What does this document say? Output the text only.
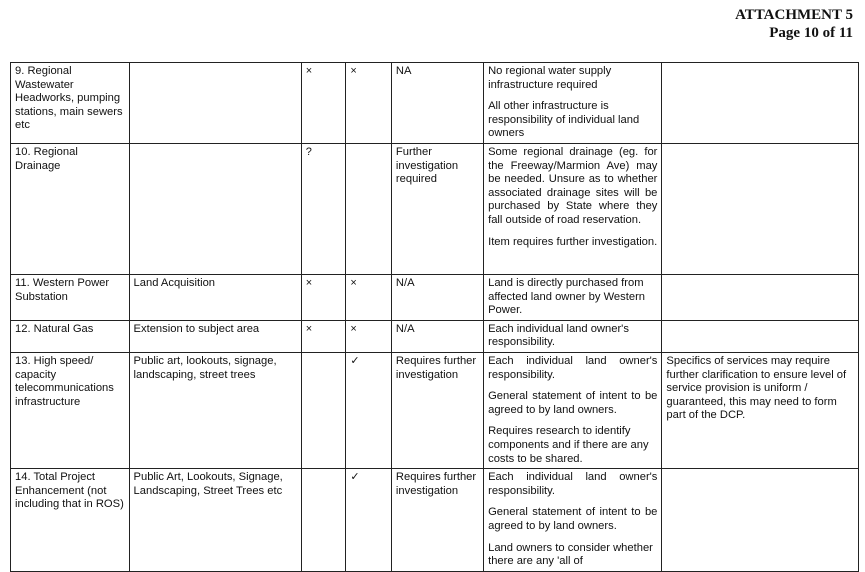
ATTACHMENT 5
Page 10 of 11
9. Regional Wastewater Headworks, pumping stations, main sewers etc		×	×	NA	No regional water supply infrastructure required

All other infrastructure is responsibility of individual land owners	

10. Regional Drainage		?		Further investigation required	Some regional drainage (eg. for the Freeway/Marmion Ave) may be needed. Unsure as to whether associated drainage sites will be purchased by State where they fall outside of road reservation.

Item requires further investigation.	

11. Western Power Substation	Land Acquisition	×	×	N/A	Land is directly purchased from affected land owner by Western Power.	

12. Natural Gas	Extension to subject area	×	×	N/A	Each individual land owner's responsibility.	

13. High speed/ capacity telecommunications infrastructure	Public art, lookouts, signage, landscaping, street trees		✓	Requires further investigation	Each individual land owner's responsibility.

General statement of intent to be agreed to by land owners.

Requires research to identify components and if there are any costs to be shared.	Specifics of services may require further clarification to ensure level of service provision is uniform / guaranteed, this may need to form part of the DCP.
14. Total Project Enhancement (not including that in ROS)	Public Art, Lookouts, Signage, Landscaping, Street Trees etc		✓	Requires further investigation	Each individual land owner's responsibility.

General statement of intent to be agreed to by land owners.

Land owners to consider whether there are any 'all of	
